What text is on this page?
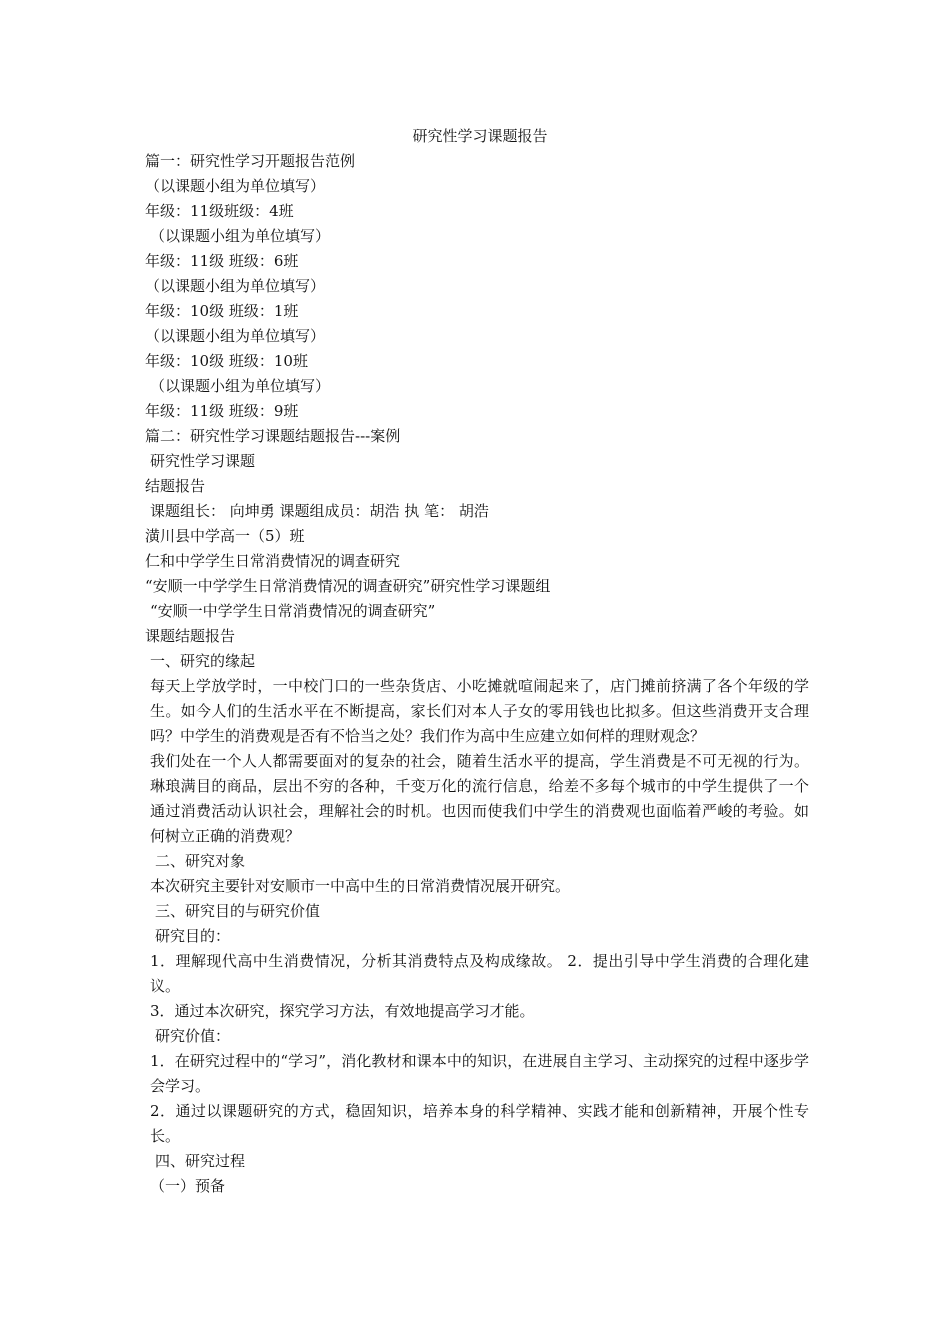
研究性学习课题报告

篇一：研究性学习开题报告范例

（以课题小组为单位填写）

年级：11级班级：4班

（以课题小组为单位填写）

年级：11级 班级：6班

（以课题小组为单位填写）

年级：10级 班级：1班

（以课题小组为单位填写）

年级：10级 班级：10班

（以课题小组为单位填写）

年级：11级 班级：9班

篇二：研究性学习课题结题报告---案例

研究性学习课题

结题报告

课题组长： 向坤勇 课题组成员：胡浩 执 笔： 胡浩

潢川县中学高一（5）班

仁和中学学生日常消费情况的调查研究

“安顺一中学学生日常消费情况的调查研究”研究性学习课题组

“安顺一中学学生日常消费情况的调查研究”

课题结题报告

一、研究的缘起

每天上学放学时，一中校门口的一些杂货店、小吃摊就喧闹起来了，店门摊前挤满了各个年级的学生。如今人们的生活水平在不断提高，家长们对本人子女的零用钱也比拟多。但这些消费开支合理吗？中学生的消费观是否有不恰当之处？我们作为高中生应建立如何样的理财观念？

我们处在一个人人都需要面对的复杂的社会，随着生活水平的提高，学生消费是不可无视的行为。琳琅满目的商品，层出不穷的各种，千变万化的流行信息，给差不多每个城市的中学生提供了一个通过消费活动认识社会，理解社会的时机。也因而使我们中学生的消费观也面临着严峻的考验。如何树立正确的消费观？

二、研究对象

本次研究主要针对安顺市一中高中生的日常消费情况展开研究。

三、研究目的与研究价值

研究目的：

1．理解现代高中生消费情况，分析其消费特点及构成缘故。 2．提出引导中学生消费的合理化建议。

3．通过本次研究，探究学习方法，有效地提高学习才能。

研究价值：

1．在研究过程中的“学习”，消化教材和课本中的知识，在进展自主学习、主动探究的过程中逐步学会学习。

2．通过以课题研究的方式，稳固知识，培养本身的科学精神、实践才能和创新精神，开展个性专长。

四、研究过程

（一）预备
